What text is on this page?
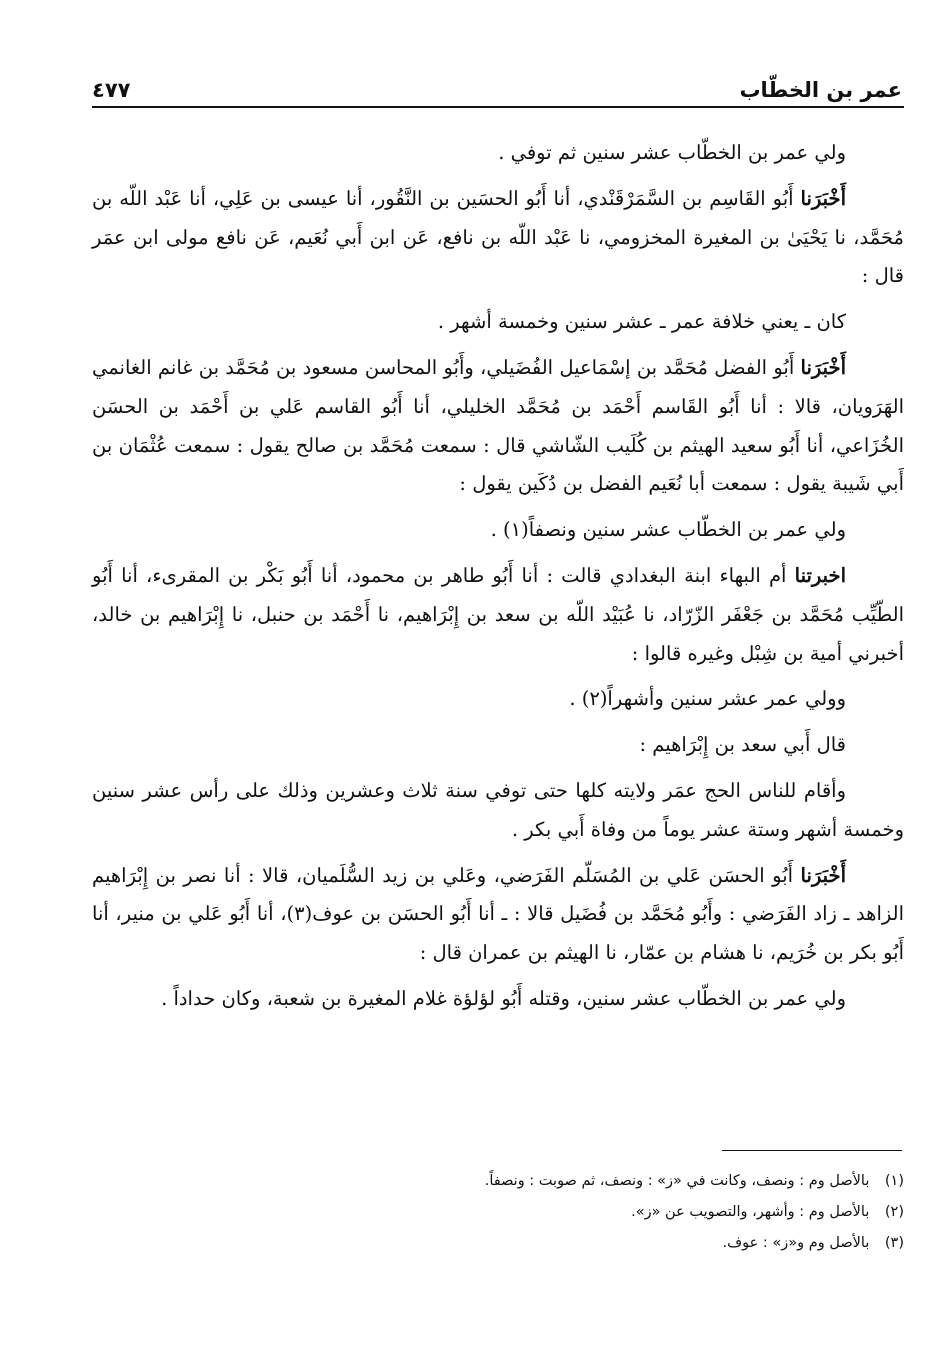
عمر بن الخطّاب
٤٧٧

ولي عمر بن الخطّاب عشر سنين ثم توفي .

أَخْبَرَنا أَبُو القَاسِم بن السَّمَرْقَنْدي، أنا أَبُو الحسَين بن النَّقُور، أنا عيسى بن عَلِي، أنا عَبْد اللّه بن مُحَمَّد، نا يَحْيَىٰ بن المغيرة المخزومي، نا عَبْد اللّه بن نافع، عَن ابن أَبي نُعَيم، عَن نافع مولى ابن عمَر قال :

كان ـ يعني خلافة عمر ـ عشر سنين وخمسة أشهر .

أَخْبَرَنا أَبُو الفضل مُحَمَّد بن إسْمَاعيل الفُضَيلي، وأَبُو المحاسن مسعود بن مُحَمَّد بن غانم الغانمي الهَرَويان، قالا : أنا أَبُو القَاسم أَحْمَد بن مُحَمَّد الخليلي، أنا أَبُو القاسم عَلي بن أَحْمَد بن الحسَن الخُزَاعي، أنا أَبُو سعيد الهيثم بن كُلَيب الشّاشي قال : سمعت مُحَمَّد بن صالح يقول : سمعت عُثْمَان بن أَبي شَيبة يقول : سمعت أبا نُعَيم الفضل بن دُكَين يقول :

ولي عمر بن الخطّاب عشر سنين ونصفاً(١) .

اخبرتنا أم البهاء ابنة البغدادي قالت : أنا أَبُو طاهر بن محمود، أنا أَبُو بَكْر بن المقرىء، أنا أَبُو الطّيِّب مُحَمَّد بن جَعْفَر الزّرّاد، نا عُبَيْد اللّه بن سعد بن إِبْرَاهيم، نا أَحْمَد بن حنبل، نا إِبْرَاهيم بن خالد، أخبرني أمية بن شِبْل وغيره قالوا :

وولي عمر عشر سنين وأشهراً(٢) .

قال أَبي سعد بن إِبْرَاهيم :

وأقام للناس الحج عمَر ولايته كلها حتى توفي سنة ثلاث وعشرين وذلك على رأس عشر سنين وخمسة أشهر وستة عشر يوماً من وفاة أَبي بكر .

أَخْبَرَنا أَبُو الحسَن عَلي بن المُسَلّم الفَرَضي، وعَلي بن زيد السُّلَميان، قالا : أنا نصر بن إِبْرَاهيم الزاهد ـ زاد الفَرَضي : وأَبُو مُحَمَّد بن فُضَيل قالا : ـ أنا أَبُو الحسَن بن عوف(٣)، أنا أَبُو عَلي بن منير، أنا أَبُو بكر بن خُرَيم، نا هشام بن عمّار، نا الهيثم بن عمران قال :

ولي عمر بن الخطّاب عشر سنين، وقتله أَبُو لؤلؤة غلام المغيرة بن شعبة، وكان حداداً .

(١) بالأصل وم : ونصف، وكانت في «ز» : ونصف، ثم صوبت : ونصفاً.
(٢) بالأصل وم : وأشهر، والتصويب عن «ز».
(٣) بالأصل وم و«ز» : عوف.
